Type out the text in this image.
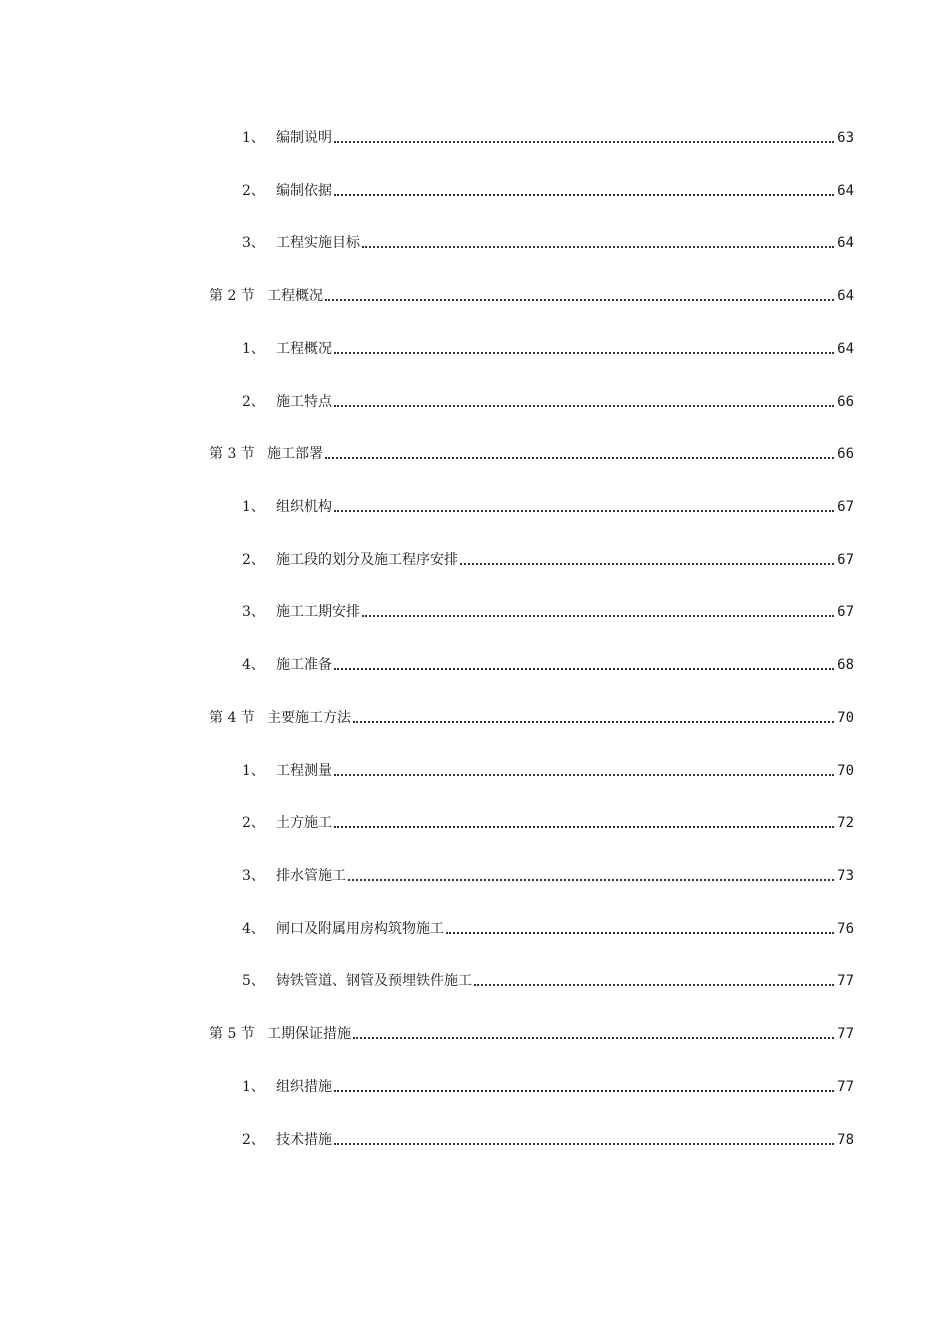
1、 编制说明	63
2、 编制依据	64
3、 工程实施目标	64
第 2 节 工程概况	64
1、 工程概况	64
2、 施工特点	66
第 3 节 施工部署	66
1、 组织机构	67
2、 施工段的划分及施工程序安排	67
3、 施工工期安排	67
4、 施工准备	68
第 4 节 主要施工方法	70
1、 工程测量	70
2、 土方施工	72
3、 排水管施工	73
4、 闸口及附属用房构筑物施工	76
5、 铸铁管道、钢管及预埋铁件施工	77
第 5 节 工期保证措施	77
1、 组织措施	77
2、 技术措施	78
